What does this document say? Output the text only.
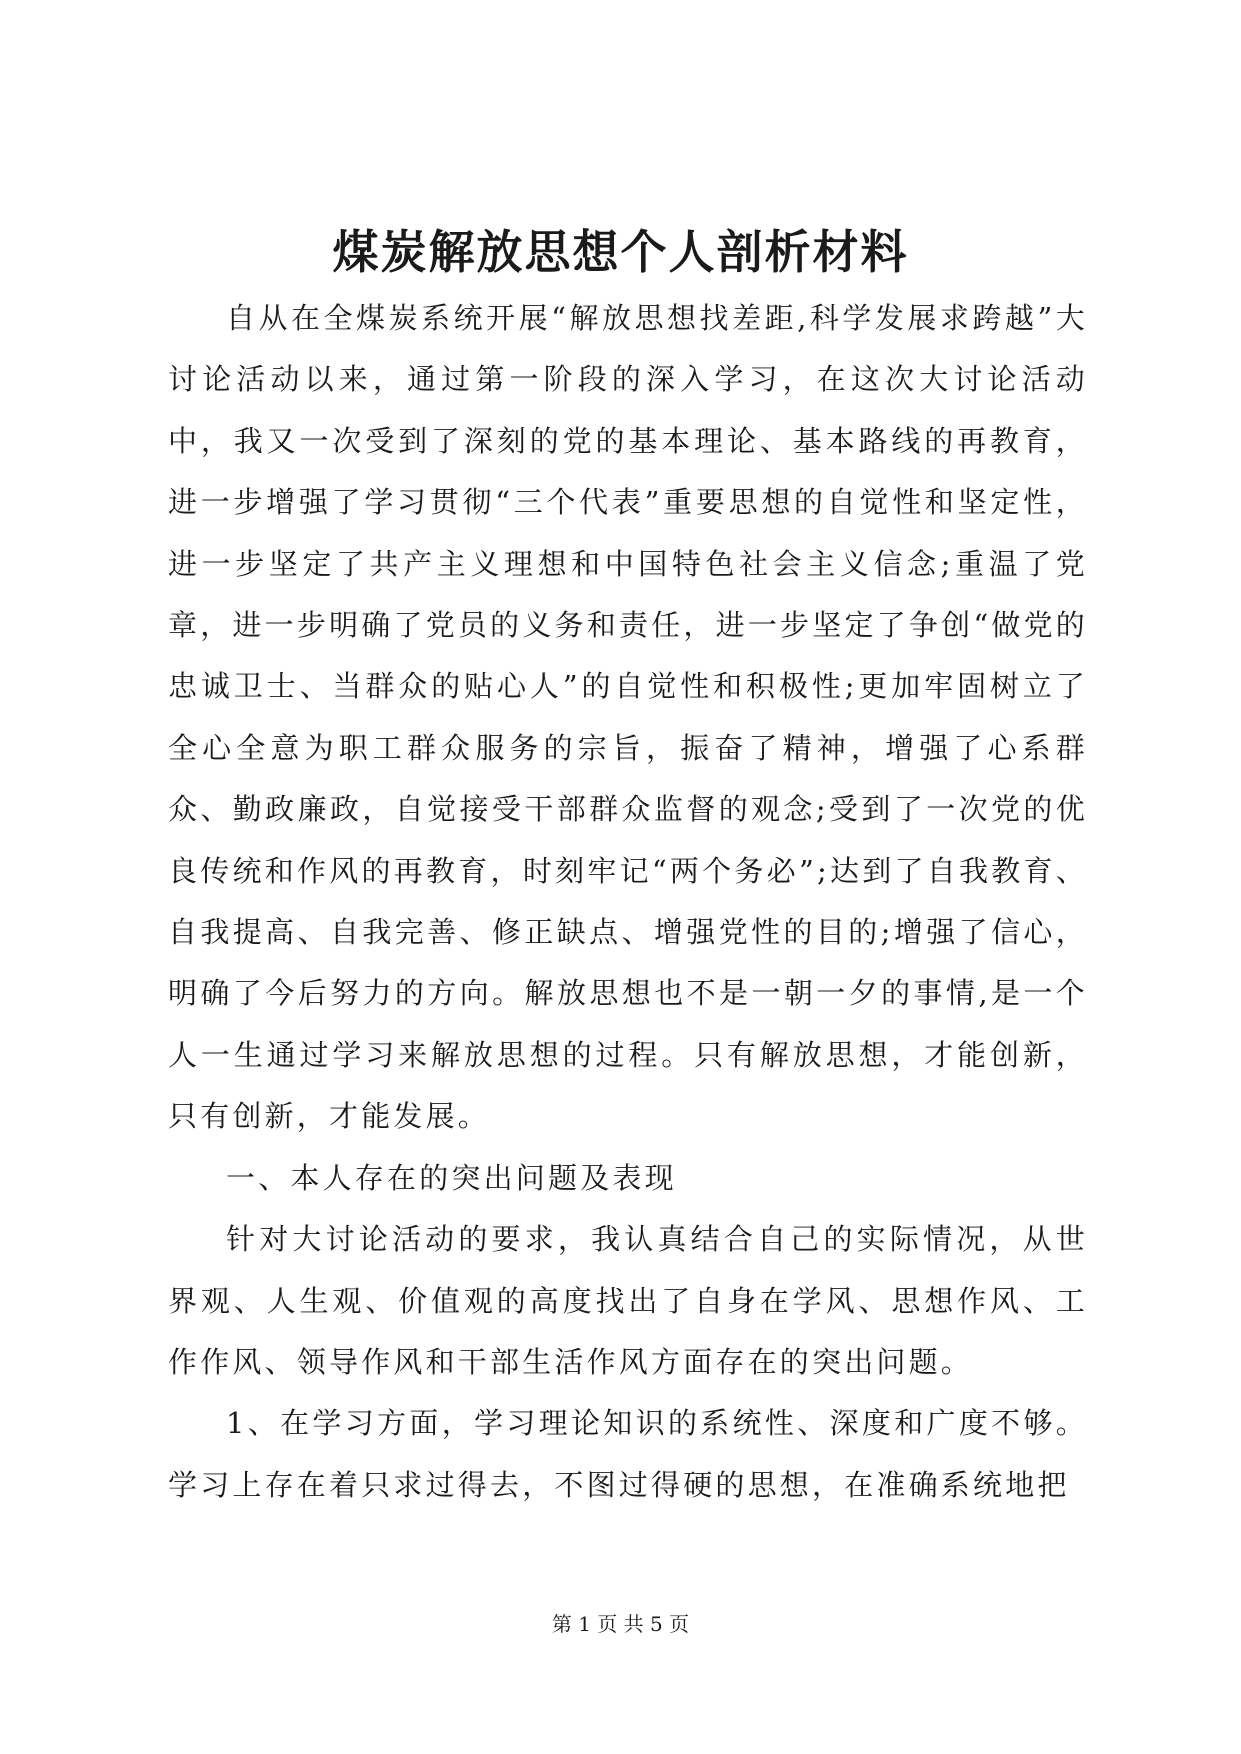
煤炭解放思想个人剖析材料

自从在全煤炭系统开展“解放思想找差距,科学发展求跨越”大讨论活动以来，通过第一阶段的深入学习，在这次大讨论活动中，我又一次受到了深刻的党的基本理论、基本路线的再教育，进一步增强了学习贯彻“三个代表”重要思想的自觉性和坚定性，进一步坚定了共产主义理想和中国特色社会主义信念;重温了党章，进一步明确了党员的义务和责任，进一步坚定了争创“做党的忠诚卫士、当群众的贴心人”的自觉性和积极性;更加牢固树立了全心全意为职工群众服务的宗旨，振奋了精神，增强了心系群众、勤政廉政，自觉接受干部群众监督的观念;受到了一次党的优良传统和作风的再教育，时刻牢记“两个务必”;达到了自我教育、自我提高、自我完善、修正缺点、增强党性的目的;增强了信心，明确了今后努力的方向。解放思想也不是一朝一夕的事情,是一个人一生通过学习来解放思想的过程。只有解放思想，才能创新，只有创新，才能发展。

一、本人存在的突出问题及表现

针对大讨论活动的要求，我认真结合自己的实际情况，从世界观、人生观、价值观的高度找出了自身在学风、思想作风、工作作风、领导作风和干部生活作风方面存在的突出问题。

1、在学习方面，学习理论知识的系统性、深度和广度不够。学习上存在着只求过得去，不图过得硬的思想，在准确系统地把

第 1 页 共 5 页
